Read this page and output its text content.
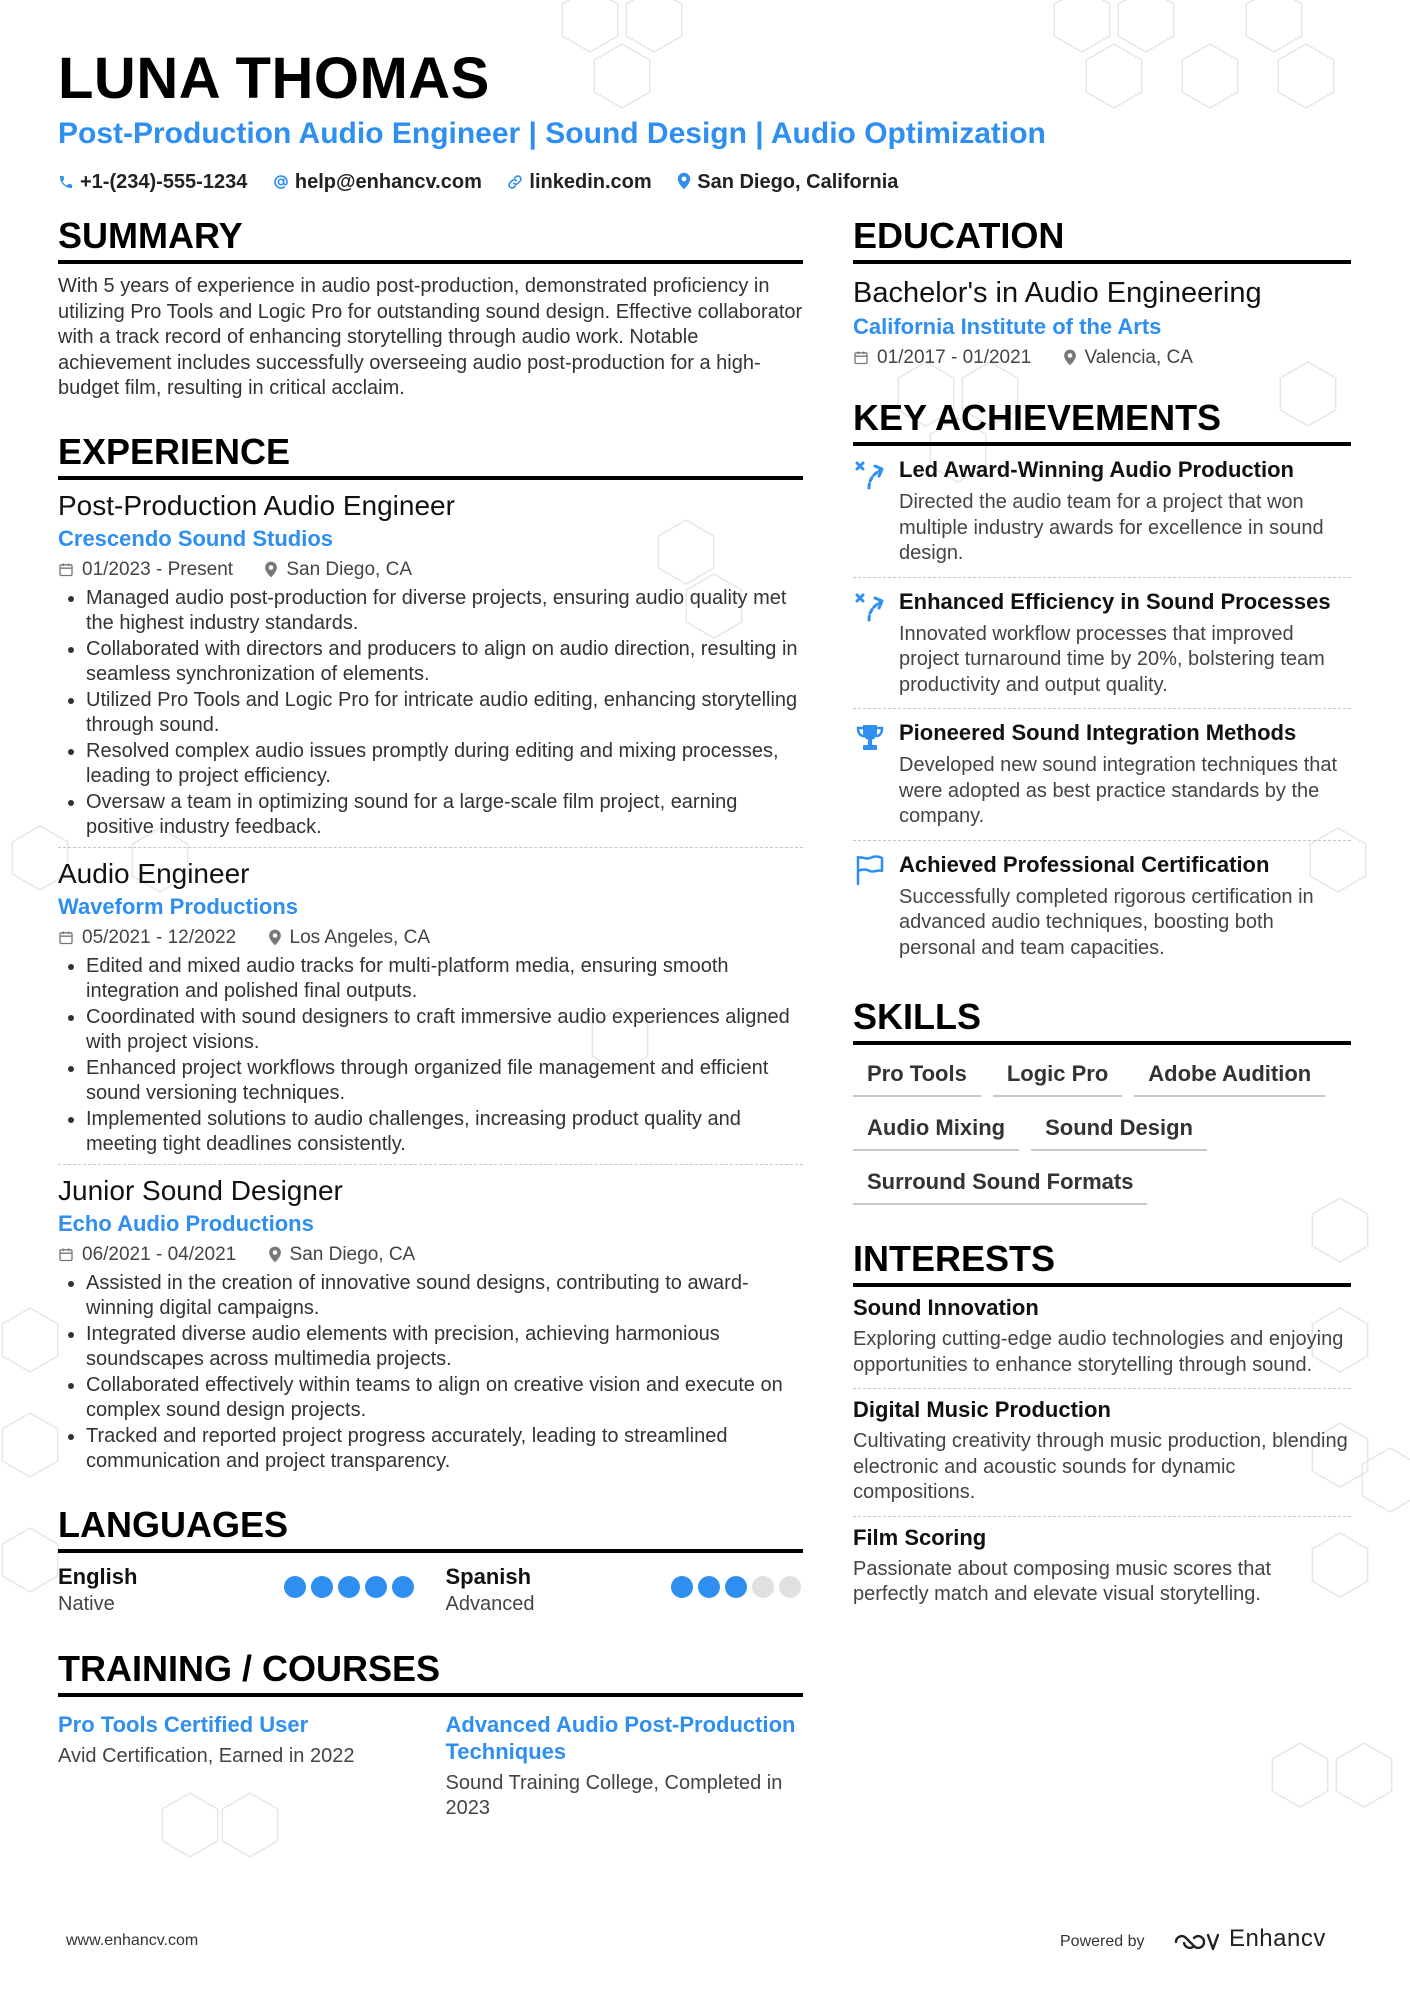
LUNA THOMAS
Post-Production Audio Engineer | Sound Design | Audio Optimization
+1-(234)-555-1234 help@enhancv.com linkedin.com San Diego, California
SUMMARY
With 5 years of experience in audio post-production, demonstrated proficiency in utilizing Pro Tools and Logic Pro for outstanding sound design. Effective collaborator with a track record of enhancing storytelling through audio work. Notable achievement includes successfully overseeing audio post-production for a high-budget film, resulting in critical acclaim.
EXPERIENCE
Post-Production Audio Engineer
Crescendo Sound Studios
01/2023 - Present	San Diego, CA
• Managed audio post-production for diverse projects, ensuring audio quality met the highest industry standards.
• Collaborated with directors and producers to align on audio direction, resulting in seamless synchronization of elements.
• Utilized Pro Tools and Logic Pro for intricate audio editing, enhancing storytelling through sound.
• Resolved complex audio issues promptly during editing and mixing processes, leading to project efficiency.
• Oversaw a team in optimizing sound for a large-scale film project, earning positive industry feedback.
Audio Engineer
Waveform Productions
05/2021 - 12/2022	Los Angeles, CA
• Edited and mixed audio tracks for multi-platform media, ensuring smooth integration and polished final outputs.
• Coordinated with sound designers to craft immersive audio experiences aligned with project visions.
• Enhanced project workflows through organized file management and efficient sound versioning techniques.
• Implemented solutions to audio challenges, increasing product quality and meeting tight deadlines consistently.
Junior Sound Designer
Echo Audio Productions
06/2021 - 04/2021	San Diego, CA
• Assisted in the creation of innovative sound designs, contributing to award-winning digital campaigns.
• Integrated diverse audio elements with precision, achieving harmonious soundscapes across multimedia projects.
• Collaborated effectively within teams to align on creative vision and execute on complex sound design projects.
• Tracked and reported project progress accurately, leading to streamlined communication and project transparency.
LANGUAGES
English
Native
Spanish
Advanced
TRAINING / COURSES
Pro Tools Certified User
Avid Certification, Earned in 2022
Advanced Audio Post-Production Techniques
Sound Training College, Completed in 2023
EDUCATION
Bachelor's in Audio Engineering
California Institute of the Arts
01/2017 - 01/2021	Valencia, CA
KEY ACHIEVEMENTS
Led Award-Winning Audio Production
Directed the audio team for a project that won multiple industry awards for excellence in sound design.
Enhanced Efficiency in Sound Processes
Innovated workflow processes that improved project turnaround time by 20%, bolstering team productivity and output quality.
Pioneered Sound Integration Methods
Developed new sound integration techniques that were adopted as best practice standards by the company.
Achieved Professional Certification
Successfully completed rigorous certification in advanced audio techniques, boosting both personal and team capacities.
SKILLS
Pro Tools Logic Pro Adobe Audition
Audio Mixing Sound Design
Surround Sound Formats
INTERESTS
Sound Innovation
Exploring cutting-edge audio technologies and enjoying opportunities to enhance storytelling through sound.
Digital Music Production
Cultivating creativity through music production, blending electronic and acoustic sounds for dynamic compositions.
Film Scoring
Passionate about composing music scores that perfectly match and elevate visual storytelling.
www.enhancv.com	Powered by	Enhancv
